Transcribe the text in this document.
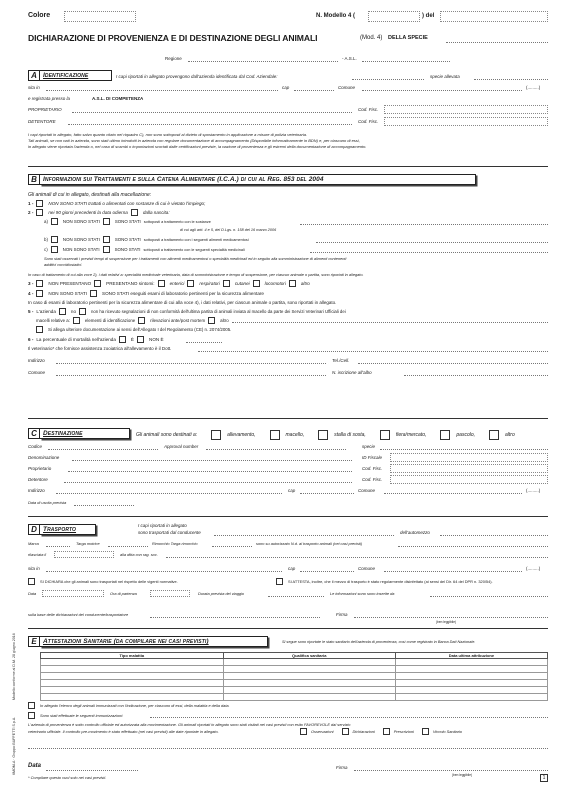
Colore	N. Modello 4 (	) del
DICHIARAZIONE DI PROVENIENZA E DI DESTINAZIONE DEGLI ANIMALI	(Mod. 4) DELLA SPECIE
Regione	- A.S.L.
A Identificazione	I capi riportati in allegato provengono dall'azienda identificata dal Cod. Aziendale:	specie allevata
sita in	cap	Comune	(.........)
e registrata presso la	A.S.L. DI COMPETENZA
PROPRIETARIO	Cod. Fisc.
DETENTORE	Cod. Fisc.
I capi riportati in allegato, fatto salvo quanto citato nel riquadro C), non sono sottoposti al divieto di spostamento in applicazione a misure di polizia veterinaria.
Tali animali, se non nati in azienda, sono stati ultimo introdotti in azienda con regolare documentazione di accompagnamento (Disponibile informaticamente in BDN) e, per ciascuno di essi,
in allegato viene riportata l'azienda o, nel caso di scambi o importazioni scortati dalle certificazioni previste, la nazione di provenienza e gli estremi della documentazione di accompagnamento.
B Informazioni sui Trattamenti e sulla Catena Alimentare (I.C.A.) di cui al Reg. 853 del 2004
Gli animali di cui in allegato, destinati alla macellazione:
1 -	NON SONO STATI trattati o alimentati con sostanze di cui è vietato l'impiego;
2 -	nei 90 giorni precedenti la data odierna	dalla nascita:
a)	NON SONO STATI	SONO STATI sottoposti a trattamento con le sostanze
di cui agli artt. 4 e 5, del D.Lgs. n. 158 del 16 marzo 2006
b)	NON SONO STATI	SONO STATI sottoposti a trattamento con i seguenti alimenti medicamentosi
c)	NON SONO STATI	SONO STATI sottoposti a trattamento con le seguenti specialità medicinali
Sono stati osservati i previsti tempi di sospensione per i trattamenti con alimenti medicamentosi o specialità medicinali ed in seguito alla somministrazione di alimenti contenenti
additivi coccidiostatici.
In caso di trattamento di cui alla voce 2), i dati relativi a: specialità medicinale veterinaria, data di somministrazione e tempo di sospensione, per ciascun animale o partita, sono riportati in allegato.
3 -	NON PRESENTANO	PRESENTANO sintomi:	enterici	respiratori	cutanei	locomotori	altro
4 -	NON SONO STATI	SONO STATI eseguiti esami di laboratorio pertinenti per la sicurezza alimentare
In caso di esami di laboratorio pertinenti per la sicurezza alimentare di cui alla voce 4), i dati relativi, per ciascun animale o partita, sono riportati in allegato.
5 - L'azienda	no	non ha ricevuto segnalazioni di non conformità dell'ultima partita di animali inviata al macello da parte dei Servizi Veterinari Ufficiali dei
macelli relative a:	elementi di identificazione	rilevazioni ante/post mortem	altro
Si allega ulteriore documentazione ai sensi dell'Allegato I del Regolamento (CE) n. 2074/2005.
6 - La percentuale di mortalità nell'azienda	È	NON È
Il veterinario* che fornisce assistenza zooiatrica all'allevamento è il Dott.
Indirizzo	Tel./Cell.
Comune	N. iscrizione all'albo
C Destinazione	Gli animali sono destinati a:	allevamento,	macello,	stalla di sosta,	fiera/mercato,	pascolo,	altro
Codice	Approval number	specie
Denominazione	ID Fiscale
Proprietario	Cod. Fisc.
Detentore	Cod. Fisc.
Indirizzo	cap	Comune	(.........)
Data di uscita prevista
D Trasporto
I capi riportati in allegato
sono trasportati dal conducente	dell'automezzo
Marca	Targa motrice	Rimorchio Targa rimorchio	sono su autorizzato N.d. al trasporto animali (nei casi previsti)
rilasciata il	alla ditta con rag. soc.
sita in	cap	Comune	(.........)
SI DICHIARA che gli animali sono trasportati nel rispetto delle vigenti normative.	SI ATTESTA, inoltre, che il mezzo di trasporto è stato regolarmente disinfettato (ai sensi del Dir. 64 del DPR n. 320/54).
Data	Ora di partenza	Durata prevista del viaggio	Le informazioni sono sono inserite da
sulla base delle dichiarazioni del conducente/trasportatore	Firma
(ben leggibile)
E Attestazioni Sanitarie (da compilare nei casi previsti)	Si segue sono riportate le stato sanitario dell'azienda di provenienza, così come registrato in Banca Dati Nazionale.
Tipo malattia	Qualifica sanitaria	Data ultima attribuzione

In allegato l'elenco degli animali immunizzati con l'indicazione, per ciascuno di essi, della malattia e della data.
Sono stati effettuate le seguenti immunizzazioni:
L'azienda di provenienza è sotto controllo ufficiale ed autorizzata alla movimentazione. Gli animali riportati in allegato sono stati visitati nei casi previsti con esito FAVOREVOLE dal servizio
veterinario ufficiale. Il controllo pre-movimento è stato effettuato (nei casi previsti) alle date riportate in allegato.	Osservazioni	Dichiarazioni	Prescrizioni	Vincolo Sanitario
Data	Firma
(ben leggibile)
* Compilare questo vuol solo nei casi previsti.	1
Modello conforme al D.M. 28 giugno 2016
6MOM-A · Gruppo BUFFETTI S.p.A.
